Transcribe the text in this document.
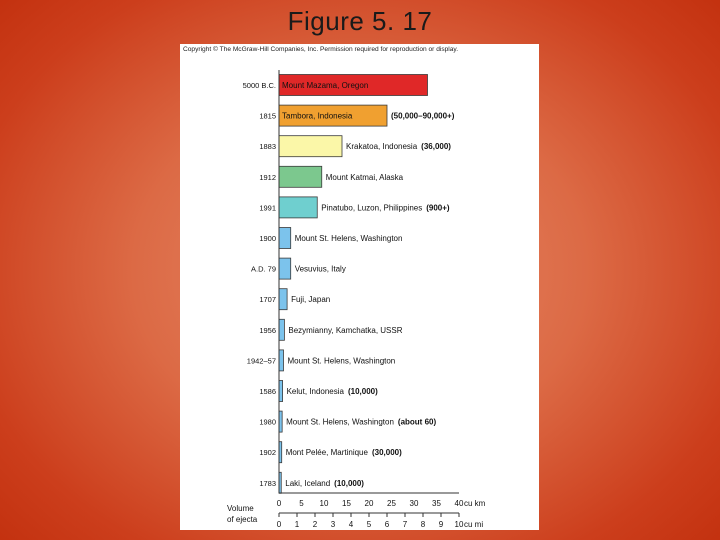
Figure 5. 17
Copyright © The McGraw-Hill Companies, Inc. Permission required for reproduction or display.
5000 B.C. Mount Mazama, Oregon
1815 Tambora, Indonesia	(50,000–90,000+)
1883	Krakatoa, Indonesia (36,000)
1912	Mount Katmai, Alaska
1991	Pinatubo, Luzon, Philippines (900+)
1900 Mount St. Helens, Washington
A.D. 79 Vesuvius, Italy
1707 Fuji, Japan
1956 Bezymianny, Kamchatka, USSR
1942–57 Mount St. Helens, Washington
1586 Kelut, Indonesia (10,000)
1980 Mount St. Helens, Washington (about 60)
1902 Mont Pelée, Martinique (30,000)
1783 Laki, Iceland (10,000)
0 5 10 15 20 25 30 35 40 cu km
0 1 2 3 4 5 6 7 8 9 10 cu mi
Volume
of ejecta
